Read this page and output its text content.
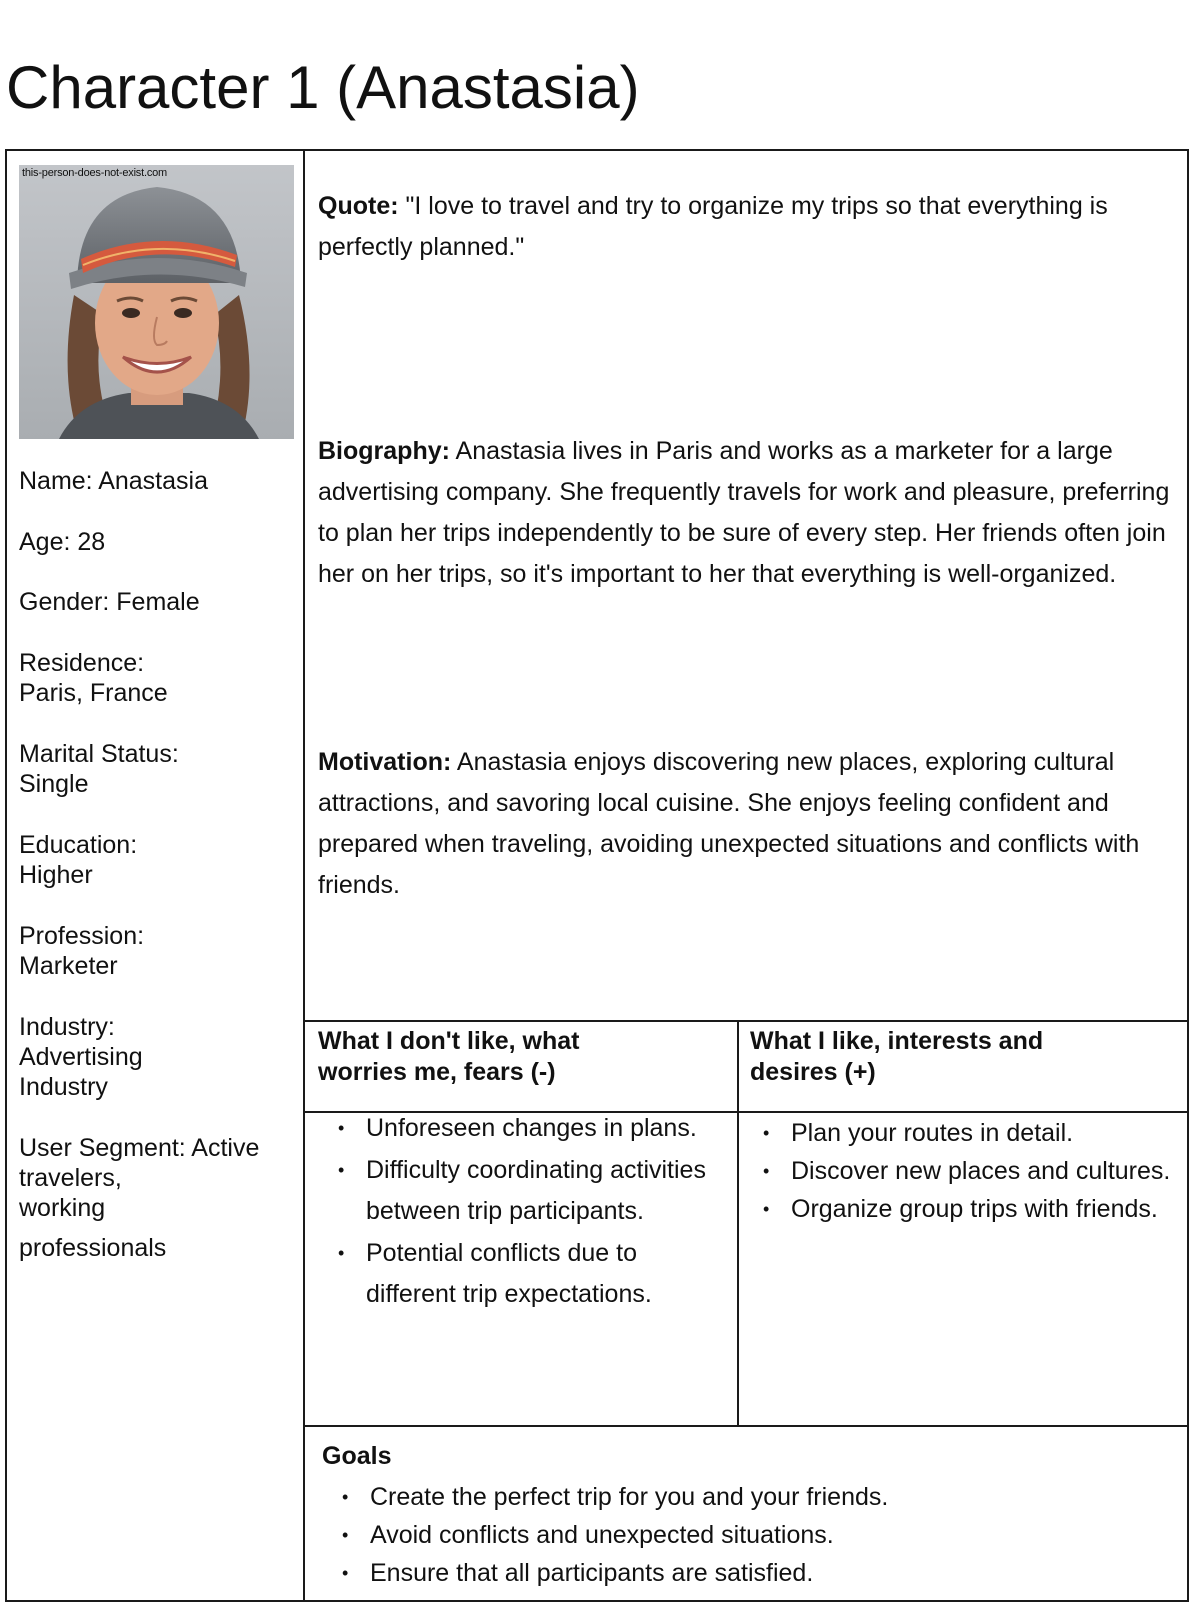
Character 1 (Anastasia)
this-person-does-not-exist.com
Name: Anastasia
Age: 28
Gender: Female
Residence:
Paris, France
Marital Status:
Single
Education:
Higher
Profession:
Marketer
Industry:
Advertising
Industry
User Segment: Active
travelers,
working
professionals
Quote: "I love to travel and try to organize my trips so that everything is perfectly planned."
Biography: Anastasia lives in Paris and works as a marketer for a large advertising company. She frequently travels for work and pleasure, preferring to plan her trips independently to be sure of every step. Her friends often join her on her trips, so it's important to her that everything is well-organized.
Motivation: Anastasia enjoys discovering new places, exploring cultural attractions, and savoring local cuisine. She enjoys feeling confident and prepared when traveling, avoiding unexpected situations and conflicts with friends.
What I don't like, what
worries me, fears (-)
What I like, interests and
desires (+)
• Unforeseen changes in plans.
• Difficulty coordinating activities between trip participants.
• Potential conflicts due to different trip expectations.
• Plan your routes in detail.
• Discover new places and cultures.
• Organize group trips with friends.
Goals
• Create the perfect trip for you and your friends.
• Avoid conflicts and unexpected situations.
• Ensure that all participants are satisfied.
